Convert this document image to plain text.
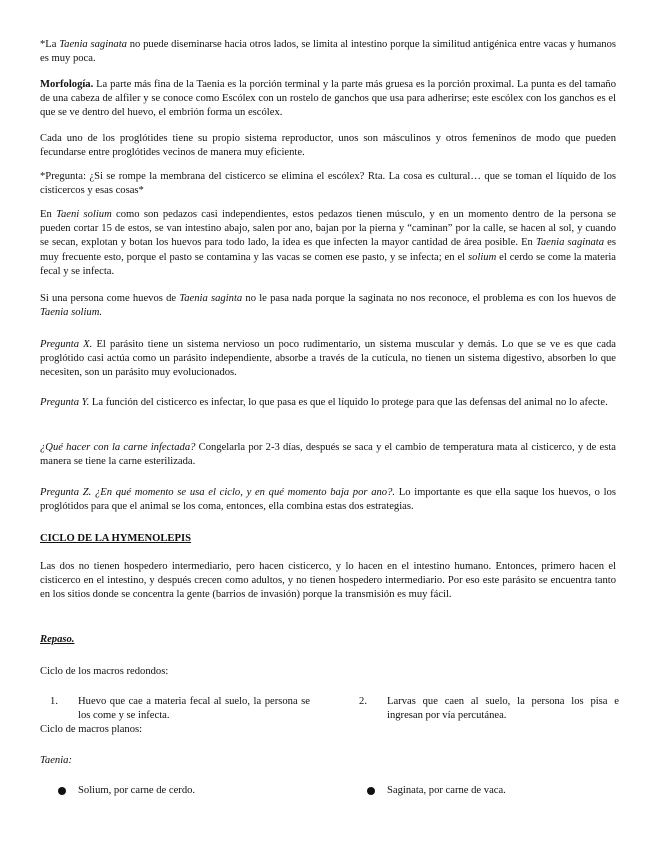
*La Taenia saginata no puede diseminarse hacia otros lados, se limita al intestino porque la similitud antigénica entre vacas y humanos es muy poca.

Morfología. La parte más fina de la Taenia es la porción terminal y la parte más gruesa es la porción proximal. La punta es del tamaño de una cabeza de alfiler y se conoce como Escólex con un rostelo de ganchos que usa para adherirse; este escólex con los ganchos es el que se ve dentro del huevo, el embrión forma un escólex.

Cada uno de los proglótides tiene su propio sistema reproductor, unos son másculinos y otros femeninos de modo que pueden fecundarse entre proglótides vecinos de manera muy eficiente.

*Pregunta: ¿Si se rompe la membrana del cisticerco se elimina el escólex? Rta. La cosa es cultural… que se toman el líquido de los cisticercos y esas cosas*

En Taeni solium como son pedazos casi independientes, estos pedazos tienen músculo, y en un momento dentro de la persona se pueden cortar 15 de estos, se van intestino abajo, salen por ano, bajan por la pierna y “caminan” por la calle, se hacen al sol, y cuando se secan, explotan y botan los huevos para todo lado, la idea es que infecten la mayor cantidad de área posible. En Taenia saginata es muy frecuente esto, porque el pasto se contamina y las vacas se comen ese pasto, y se infecta; en el solium el cerdo se come la materia fecal y se infecta.

Si una persona come huevos de Taenia saginta no le pasa nada porque la saginata no nos reconoce, el problema es con los huevos de Taenia solium.

Pregunta X. El parásito tiene un sistema nervioso un poco rudimentario, un sistema muscular y demás. Lo que se ve es que cada proglótido casi actúa como un parásito independiente, absorbe a través de la cutícula, no tienen un sistema digestivo, absorben lo que necesiten, son un parásito muy evolucionados.

Pregunta Y. La función del cisticerco es infectar, lo que pasa es que el líquido lo protege para que las defensas del animal no lo afecte.

¿Qué hacer con la carne infectada? Congelarla por 2-3 días, después se saca y el cambio de temperatura mata al cisticerco, y de esta manera se tiene la carne esterilizada.

Pregunta Z. ¿En qué momento se usa el ciclo, y en qué momento baja por ano?. Lo importante es que ella saque los huevos, o los proglótidos para que el animal se los coma, entonces, ella combina estas dos estrategias.

CICLO DE LA HYMENOLEPIS

Las dos no tienen hospedero intermediario, pero hacen cisticerco, y lo hacen en el intestino humano. Entonces, primero hacen el cisticerco en el intestino, y después crecen como adultos, y no tienen hospedero intermediario. Por eso este parásito se encuentra tanto en los sitios donde se concentra la gente (barrios de invasión) porque la transmisión es muy fácil.

Repaso.

Ciclo de los macros redondos:

1. Huevo que cae a materia fecal al suelo, la persona se los come y se infecta.
2. Larvas que caen al suelo, la persona los pisa e ingresan por vía percutánea.

Ciclo de macros planos:

Taenia:

Solium, por carne de cerdo.	Saginata, por carne de vaca.
